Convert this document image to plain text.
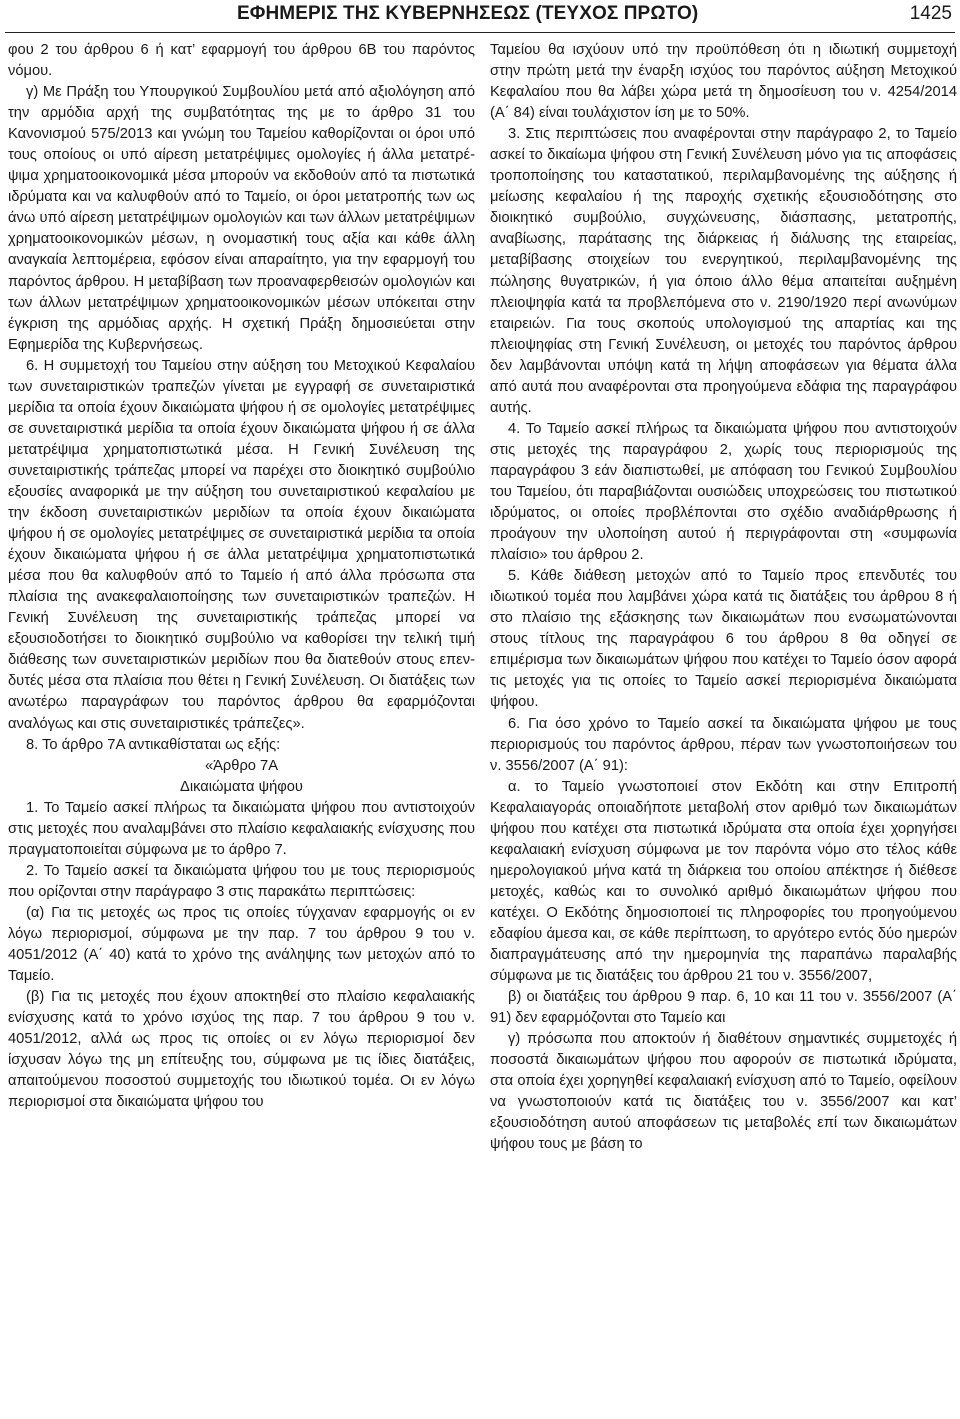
ΕΦΗΜΕΡΙΣ ΤΗΣ ΚΥΒΕΡΝΗΣΕΩΣ (ΤΕΥΧΟΣ ΠΡΩΤΟ)	1425

φου 2 του άρθρου 6 ή κατ’ εφαρμογή του άρθρου 6Β του παρόντος νόμου.

γ) Με Πράξη του Υπουργικού Συμβουλίου μετά από αξιολόγηση από την αρμόδια αρχή της συμβατότητας της με το άρθρο 31 του Κανονισμού 575/2013 και γνώμη του Ταμείου καθορίζονται οι όροι υπό τους οποίους οι υπό αίρεση μετατρέψιμες ομολογίες ή άλλα μετατρέψιμα χρηματοοικονομικά μέσα μπορούν να εκδοθούν από τα πιστωτικά ιδρύματα και να καλυφθούν από το Ταμείο, οι όροι μετατροπής των ως άνω υπό αίρεση μετατρέψιμων ομολογιών και των άλλων μετατρέψιμων χρηματοοικονομικών μέσων, η ονομαστική τους αξία και κάθε άλλη αναγκαία λεπτομέρεια, εφόσον είναι απαραίτητο, για την εφαρμογή του παρόντος άρθρου. Η μεταβίβαση των προαναφερθεισών ομολογιών και των άλλων μετατρέψιμων χρηματοοικονομικών μέσων υπόκειται στην έγκριση της αρμόδιας αρχής. Η σχετική Πράξη δημοσιεύεται στην Εφημερίδα της Κυβερνήσεως.

6. Η συμμετοχή του Ταμείου στην αύξηση του Μετοχικού Κεφαλαίου των συνεταιριστικών τραπεζών γίνεται με εγγραφή σε συνεταιριστικά μερίδια τα οποία έχουν δικαιώματα ψήφου ή σε ομολογίες μετατρέψιμες σε συνεταιριστικά μερίδια τα οποία έχουν δικαιώματα ψήφου ή σε άλλα μετατρέψιμα χρηματοπιστωτικά μέσα. Η Γενική Συνέλευση της συνεταιριστικής τράπεζας μπορεί να παρέχει στο διοικητικό συμβούλιο εξουσίες αναφορικά με την αύξηση του συνεταιριστικού κεφαλαίου με την έκδοση συνεταιριστικών μεριδίων τα οποία έχουν δικαιώματα ψήφου ή σε ομολογίες μετατρέψιμες σε συνεταιριστικά μερίδια τα οποία έχουν δικαιώματα ψήφου ή σε άλλα μετατρέψιμα χρηματοπιστωτικά μέσα που θα καλυφθούν από το Ταμείο ή από άλλα πρόσωπα στα πλαίσια της ανακεφαλαιοποίησης των συνεταιριστικών τραπεζών. Η Γενική Συνέλευση της συνεταιριστικής τράπεζας μπορεί να εξουσιοδοτήσει το διοικητικό συμβούλιο να καθορίσει την τελική τιμή διάθεσης των συνεταιριστικών μεριδίων που θα διατεθούν στους επενδυτές μέσα στα πλαίσια που θέτει η Γενική Συνέλευση. Οι διατάξεις των ανωτέρω παραγράφων του παρόντος άρθρου θα εφαρμόζονται αναλόγως και στις συνεταιριστικές τράπεζες».

8. Το άρθρο 7Α αντικαθίσταται ως εξής:

«Άρθρο 7Α

Δικαιώματα ψήφου

1. Το Ταμείο ασκεί πλήρως τα δικαιώματα ψήφου που αντιστοιχούν στις μετοχές που αναλαμβάνει στο πλαίσιο κεφαλαιακής ενίσχυσης που πραγματοποιείται σύμφωνα με το άρθρο 7.

2. Το Ταμείο ασκεί τα δικαιώματα ψήφου του με τους περιορισμούς που ορίζονται στην παράγραφο 3 στις παρακάτω περιπτώσεις:

(α) Για τις μετοχές ως προς τις οποίες τύγχαναν εφαρμογής οι εν λόγω περιορισμοί, σύμφωνα με την παρ. 7 του άρθρου 9 του ν. 4051/2012 (Α΄ 40) κατά το χρόνο της ανάληψης των μετοχών από το Ταμείο.

(β) Για τις μετοχές που έχουν αποκτηθεί στο πλαίσιο κεφαλαιακής ενίσχυσης κατά το χρόνο ισχύος της παρ. 7 του άρθρου 9 του ν. 4051/2012, αλλά ως προς τις οποίες οι εν λόγω περιορισμοί δεν ίσχυσαν λόγω της μη επίτευξης του, σύμφωνα με τις ίδιες διατάξεις, απαιτούμενου ποσοστού συμμετοχής του ιδιωτικού τομέα. Οι εν λόγω περιορισμοί στα δικαιώματα ψήφου του

Ταμείου θα ισχύουν υπό την προϋπόθεση ότι η ιδιωτική συμμετοχή στην πρώτη μετά την έναρξη ισχύος του παρόντος αύξηση Μετοχικού Κεφαλαίου που θα λάβει χώρα μετά τη δημοσίευση του ν. 4254/2014 (Α΄ 84) είναι τουλάχιστον ίση με το 50%.

3. Στις περιπτώσεις που αναφέρονται στην παράγραφο 2, το Ταμείο ασκεί το δικαίωμα ψήφου στη Γενική Συνέλευση μόνο για τις αποφάσεις τροποποίησης του καταστατικού, περιλαμβανομένης της αύξησης ή μείωσης κεφαλαίου ή της παροχής σχετικής εξουσιοδότησης στο διοικητικό συμβούλιο, συγχώνευσης, διάσπασης, μετατροπής, αναβίωσης, παράτασης της διάρκειας ή διάλυσης της εταιρείας, μεταβίβασης στοιχείων του ενεργητικού, περιλαμβανομένης της πώλησης θυγατρικών, ή για όποιο άλλο θέμα απαιτείται αυξημένη πλειοψηφία κατά τα προβλεπόμενα στο ν. 2190/1920 περί ανωνύμων εταιρειών. Για τους σκοπούς υπολογισμού της απαρτίας και της πλειοψηφίας στη Γενική Συνέλευση, οι μετοχές του παρόντος άρθρου δεν λαμβάνονται υπόψη κατά τη λήψη αποφάσεων για θέματα άλλα από αυτά που αναφέρονται στα προηγούμενα εδάφια της παραγράφου αυτής.

4. Το Ταμείο ασκεί πλήρως τα δικαιώματα ψήφου που αντιστοιχούν στις μετοχές της παραγράφου 2, χωρίς τους περιορισμούς της παραγράφου 3 εάν διαπιστωθεί, με απόφαση του Γενικού Συμβουλίου του Ταμείου, ότι παραβιάζονται ουσιώδεις υποχρεώσεις του πιστωτικού ιδρύματος, οι οποίες προβλέπονται στο σχέδιο αναδιάρθρωσης ή προάγουν την υλοποίηση αυτού ή περιγράφονται στη «συμφωνία πλαίσιο» του άρθρου 2.

5. Κάθε διάθεση μετοχών από το Ταμείο προς επενδυτές του ιδιωτικού τομέα που λαμβάνει χώρα κατά τις διατάξεις του άρθρου 8 ή στο πλαίσιο της εξάσκησης των δικαιωμάτων που ενσωματώνονται στους τίτλους της παραγράφου 6 του άρθρου 8 θα οδηγεί σε επιμέρισμα των δικαιωμάτων ψήφου που κατέχει το Ταμείο όσον αφορά τις μετοχές για τις οποίες το Ταμείο ασκεί περιορισμένα δικαιώματα ψήφου.

6. Για όσο χρόνο το Ταμείο ασκεί τα δικαιώματα ψήφου με τους περιορισμούς του παρόντος άρθρου, πέραν των γνωστοποιήσεων του ν. 3556/2007 (Α΄ 91):

α. το Ταμείο γνωστοποιεί στον Εκδότη και στην Επιτροπή Κεφαλαιαγοράς οποιαδήποτε μεταβολή στον αριθμό των δικαιωμάτων ψήφου που κατέχει στα πιστωτικά ιδρύματα στα οποία έχει χορηγήσει κεφαλαιακή ενίσχυση σύμφωνα με τον παρόντα νόμο στο τέλος κάθε ημερολογιακού μήνα κατά τη διάρκεια του οποίου απέκτησε ή διέθεσε μετοχές, καθώς και το συνολικό αριθμό δικαιωμάτων ψήφου που κατέχει. Ο Εκδότης δημοσιοποιεί τις πληροφορίες του προηγούμενου εδαφίου άμεσα και, σε κάθε περίπτωση, το αργότερο εντός δύο ημερών διαπραγμάτευσης από την ημερομηνία της παραπάνω παραλαβής σύμφωνα με τις διατάξεις του άρθρου 21 του ν. 3556/2007,

β) οι διατάξεις του άρθρου 9 παρ. 6, 10 και 11 του ν. 3556/2007 (Α΄ 91) δεν εφαρμόζονται στο Ταμείο και

γ) πρόσωπα που αποκτούν ή διαθέτουν σημαντικές συμμετοχές ή ποσοστά δικαιωμάτων ψήφου που αφορούν σε πιστωτικά ιδρύματα, στα οποία έχει χορηγηθεί κεφαλαιακή ενίσχυση από το Ταμείο, οφείλουν να γνωστοποιούν κατά τις διατάξεις του ν. 3556/2007 και κατ’ εξουσιοδότηση αυτού αποφάσεων τις μεταβολές επί των δικαιωμάτων ψήφου τους με βάση το
